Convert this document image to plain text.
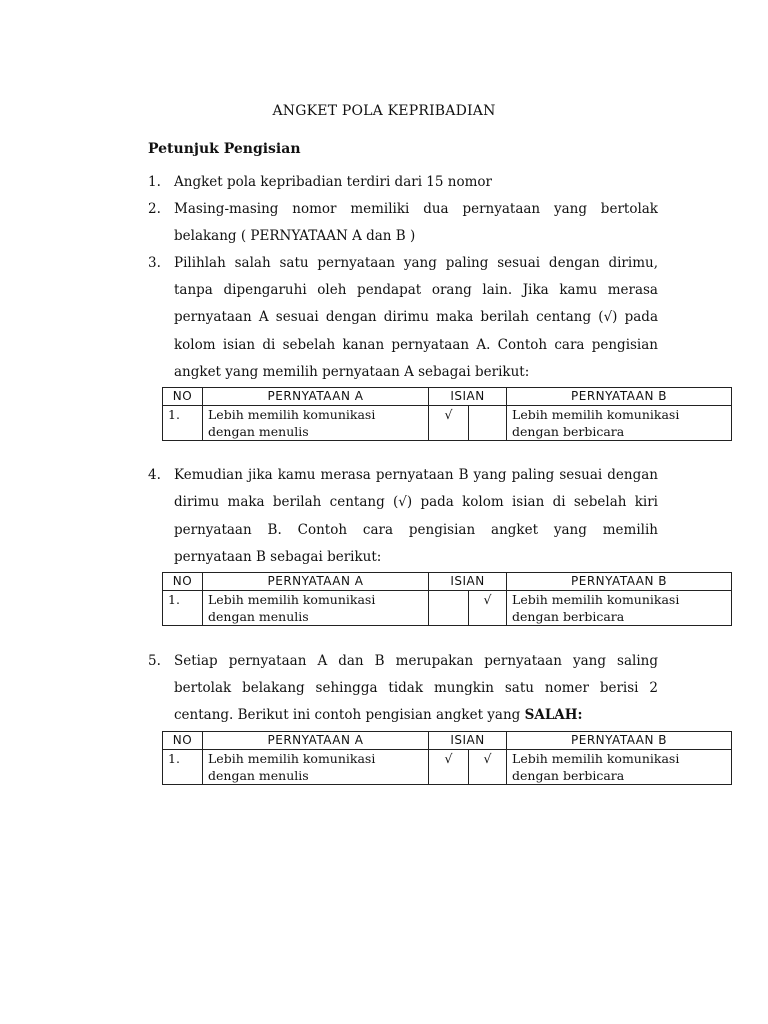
ANGKET POLA KEPRIBADIAN
Petunjuk Pengisian
1. Angket pola kepribadian terdiri dari 15 nomor
2. Masing-masing nomor memiliki dua pernyataan yang bertolak belakang ( PERNYATAAN A dan B )
3. Pilihlah salah satu pernyataan yang paling sesuai dengan dirimu, tanpa dipengaruhi oleh pendapat orang lain. Jika kamu merasa pernyataan A sesuai dengan dirimu maka berilah centang (√) pada kolom isian di sebelah kanan pernyataan A. Contoh cara pengisian angket yang memilih pernyataan A sebagai berikut:
NO	PERNYATAAN A	ISIAN		PERNYATAAN B
1.	Lebih memilih komunikasi dengan menulis	√		Lebih memilih komunikasi dengan berbicara
4. Kemudian jika kamu merasa pernyataan B yang paling sesuai dengan dirimu maka berilah centang (√) pada kolom isian di sebelah kiri pernyataan B. Contoh cara pengisian angket yang memilih pernyataan B sebagai berikut:
NO	PERNYATAAN A	ISIAN		PERNYATAAN B
1.	Lebih memilih komunikasi dengan menulis		√	Lebih memilih komunikasi dengan berbicara
5. Setiap pernyataan A dan B merupakan pernyataan yang saling bertolak belakang sehingga tidak mungkin satu nomer berisi 2 centang. Berikut ini contoh pengisian angket yang SALAH:
NO	PERNYATAAN A	ISIAN		PERNYATAAN B
1.	Lebih memilih komunikasi dengan menulis	√	√	Lebih memilih komunikasi dengan berbicara
